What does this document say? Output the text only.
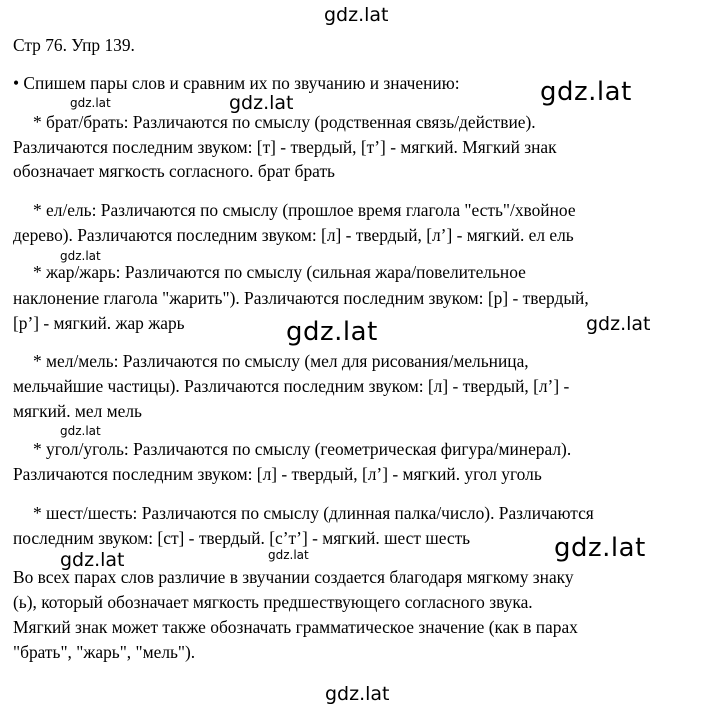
gdz.lat
gdz.lat	gdz.lat	gdz.lat
gdz.lat
gdz.lat	gdz.lat
gdz.lat
gdz.lat
gdz.lat	gdz.lat
gdz.lat
Стр 76. Упр 139.
• Спишем пары слов и сравним их по звучанию и значению:
* брат/брать: Различаются по смыслу (родственная связь/действие).
Различаются последним звуком: [т] - твердый, [т’] - мягкий. Мягкий знак
обозначает мягкость согласного. брат брать
* ел/ель: Различаются по смыслу (прошлое время глагола "есть"/хвойное
дерево). Различаются последним звуком: [л] - твердый, [л’] - мягкий. ел ель
* жар/жарь: Различаются по смыслу (сильная жара/повелительное
наклонение глагола "жарить"). Различаются последним звуком: [р] - твердый,
[р’] - мягкий. жар жарь
* мел/мель: Различаются по смыслу (мел для рисования/мельница,
мельчайшие частицы). Различаются последним звуком: [л] - твердый, [л’] -
мягкий. мел мель
* угол/уголь: Различаются по смыслу (геометрическая фигура/минерал).
Различаются последним звуком: [л] - твердый, [л’] - мягкий. угол уголь
* шест/шесть: Различаются по смыслу (длинная палка/число). Различаются
последним звуком: [ст] - твердый. [с’т’] - мягкий. шест шесть
Во всех парах слов различие в звучании создается благодаря мягкому знаку
(ь), который обозначает мягкость предшествующего согласного звука.
Мягкий знак может также обозначать грамматическое значение (как в парах
"брать", "жарь", "мель").
